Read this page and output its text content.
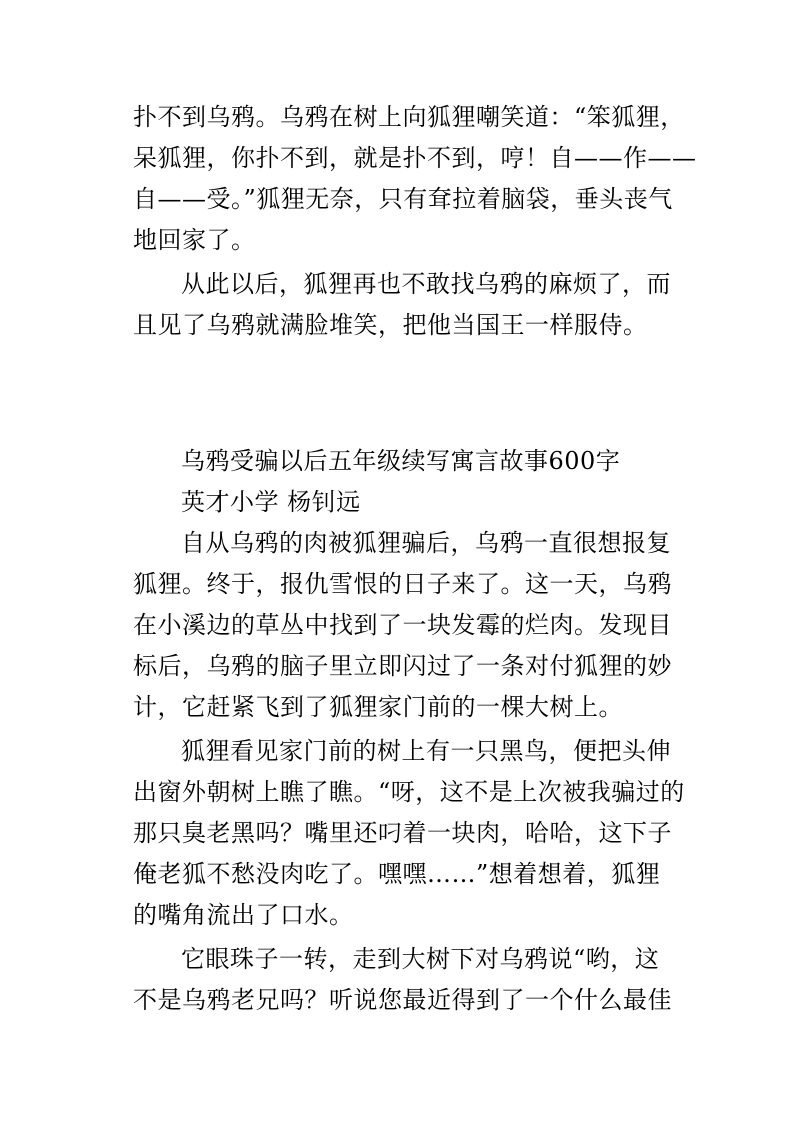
扑不到乌鸦。乌鸦在树上向狐狸嘲笑道：“笨狐狸，
呆狐狸，你扑不到，就是扑不到，哼！自——作——
自——受。”狐狸无奈，只有耷拉着脑袋，垂头丧气
地回家了。
从此以后，狐狸再也不敢找乌鸦的麻烦了，而
且见了乌鸦就满脸堆笑，把他当国王一样服侍。
乌鸦受骗以后五年级续写寓言故事600字
英才小学 杨钊远
自从乌鸦的肉被狐狸骗后，乌鸦一直很想报复
狐狸。终于，报仇雪恨的日子来了。这一天，乌鸦
在小溪边的草丛中找到了一块发霉的烂肉。发现目
标后，乌鸦的脑子里立即闪过了一条对付狐狸的妙
计，它赶紧飞到了狐狸家门前的一棵大树上。
狐狸看见家门前的树上有一只黑鸟，便把头伸
出窗外朝树上瞧了瞧。“呀，这不是上次被我骗过的
那只臭老黑吗？嘴里还叼着一块肉，哈哈，这下子
俺老狐不愁没肉吃了。嘿嘿……”想着想着，狐狸
的嘴角流出了口水。
它眼珠子一转，走到大树下对乌鸦说“哟，这
不是乌鸦老兄吗？听说您最近得到了一个什么最佳
